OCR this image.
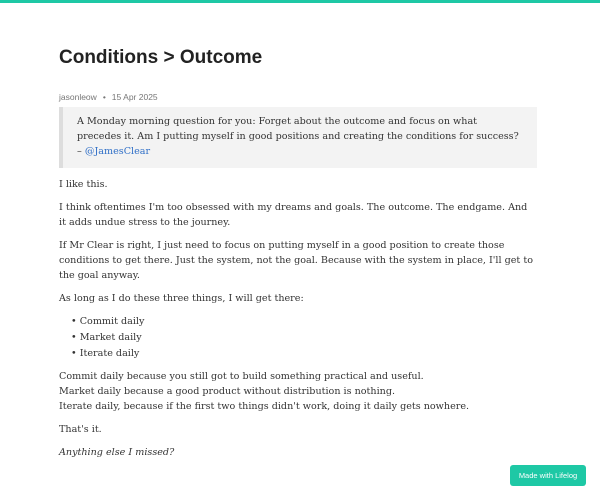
Conditions > Outcome
jasonleow • 15 Apr 2025
A Monday morning question for you: Forget about the outcome and focus on what precedes it. Am I putting myself in good positions and creating the conditions for success? – @JamesClear

I like this.

I think oftentimes I'm too obsessed with my dreams and goals. The outcome. The endgame. And it adds undue stress to the journey.

If Mr Clear is right, I just need to focus on putting myself in a good position to create those conditions to get there. Just the system, not the goal. Because with the system in place, I'll get to the goal anyway.

As long as I do these three things, I will get there:

• Commit daily
• Market daily
• Iterate daily

Commit daily because you still got to build something practical and useful.
Market daily because a good product without distribution is nothing.
Iterate daily, because if the first two things didn't work, doing it daily gets nowhere.

That's it.

Anything else I missed?

Made with Lifelog
